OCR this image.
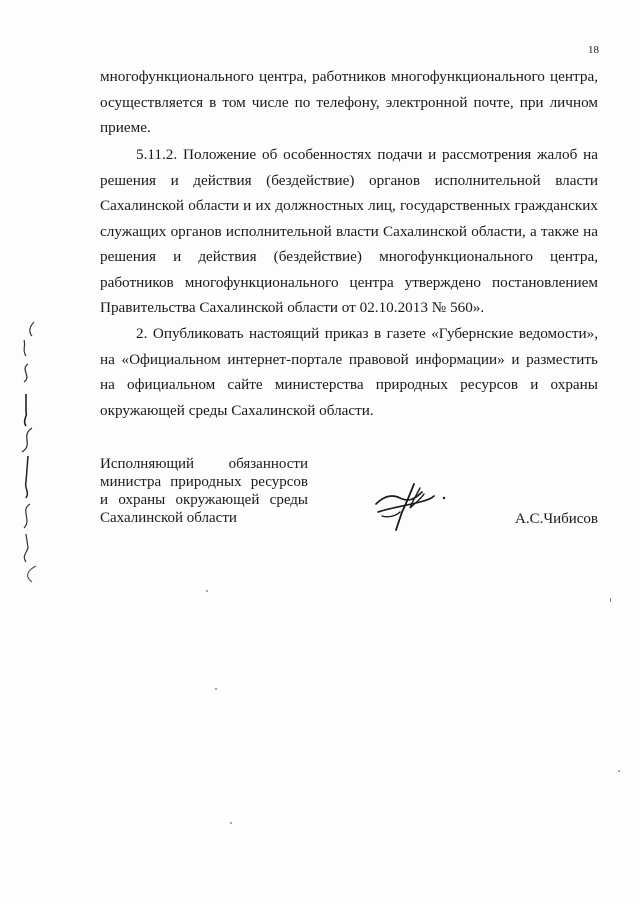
18

многофункционального центра, работников многофункционального центра, осуществляется в том числе по телефону, электронной почте, при личном приеме.

5.11.2. Положение об особенностях подачи и рассмотрения жалоб на решения и действия (бездействие) органов исполнительной власти Сахалинской области и их должностных лиц, государственных гражданских служащих органов исполнительной власти Сахалинской области, а также на решения и действия (бездействие) многофункционального центра, работников многофункционального центра утверждено постановлением Правительства Сахалинской области от 02.10.2013 № 560».

2. Опубликовать настоящий приказ в газете «Губернские ведомости», на «Официальном интернет-портале правовой информации» и разместить на официальном сайте министерства природных ресурсов и охраны окружающей среды Сахалинской области.

Исполняющий обязанности
министра природных ресурсов
и охраны окружающей среды
Сахалинской области	А.С.Чибисов
